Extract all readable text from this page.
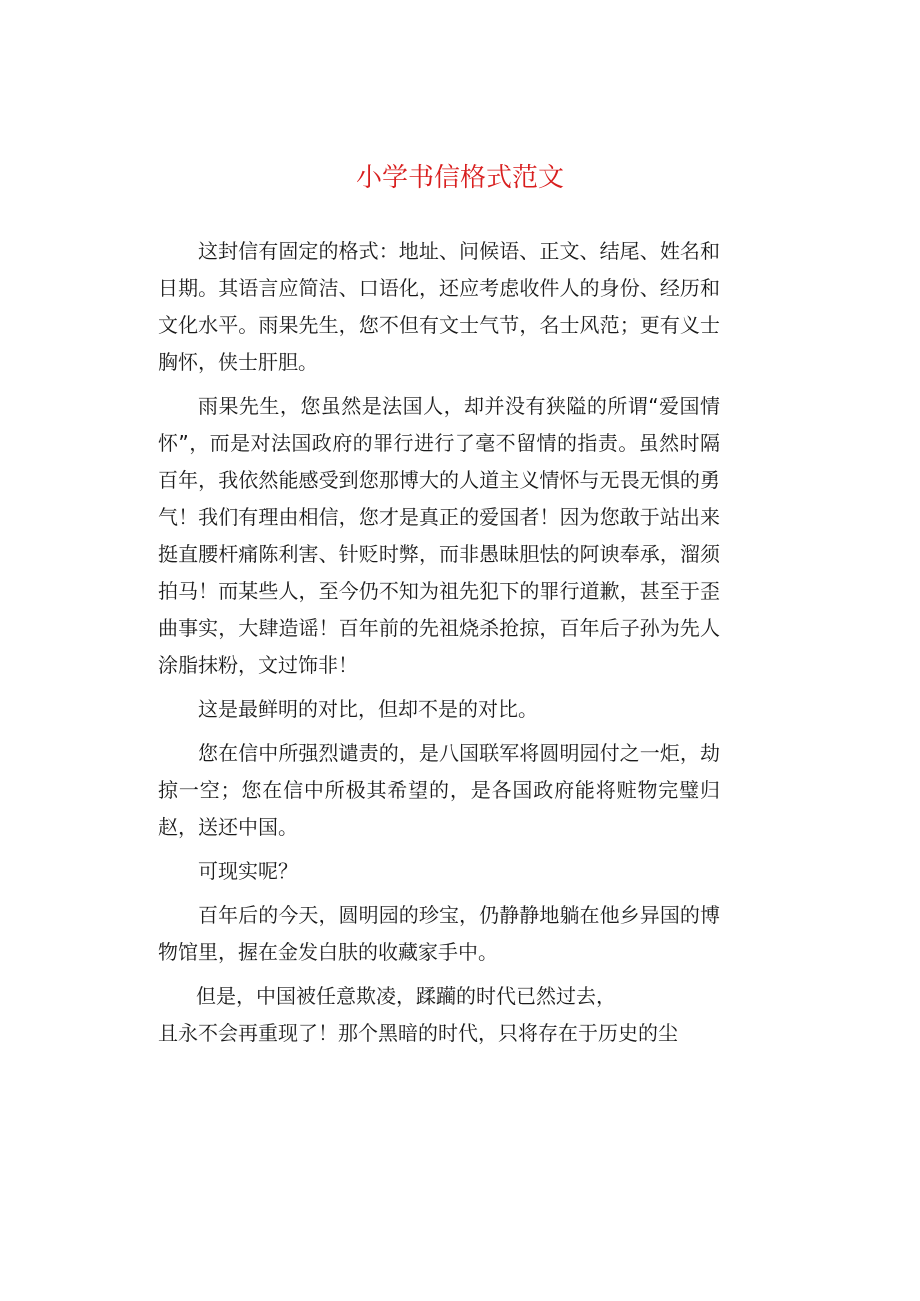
小学书信格式范文

这封信有固定的格式：地址、问候语、正文、结尾、姓名和日期。其语言应简洁、口语化，还应考虑收件人的身份、经历和文化水平。雨果先生，您不但有文士气节，名士风范；更有义士胸怀，侠士肝胆。

雨果先生，您虽然是法国人，却并没有狭隘的所谓“爱国情怀”，而是对法国政府的罪行进行了毫不留情的指责。虽然时隔百年，我依然能感受到您那博大的人道主义情怀与无畏无惧的勇气！我们有理由相信，您才是真正的爱国者！因为您敢于站出来挺直腰杆痛陈利害、针贬时弊，而非愚昧胆怯的阿谀奉承，溜须拍马！而某些人，至今仍不知为祖先犯下的罪行道歉，甚至于歪曲事实，大肆造谣！百年前的先祖烧杀抢掠，百年后子孙为先人涂脂抹粉，文过饰非！

这是最鲜明的对比，但却不是的对比。

您在信中所强烈谴责的，是八国联军将圆明园付之一炬，劫掠一空；您在信中所极其希望的，是各国政府能将赃物完璧归赵，送还中国。

可现实呢？

百年后的今天，圆明园的珍宝，仍静静地躺在他乡异国的博物馆里，握在金发白肤的收藏家手中。

但是，中国被任意欺凌，蹂躏的时代已然过去，

且永不会再重现了！那个黑暗的时代，只将存在于历史的尘
